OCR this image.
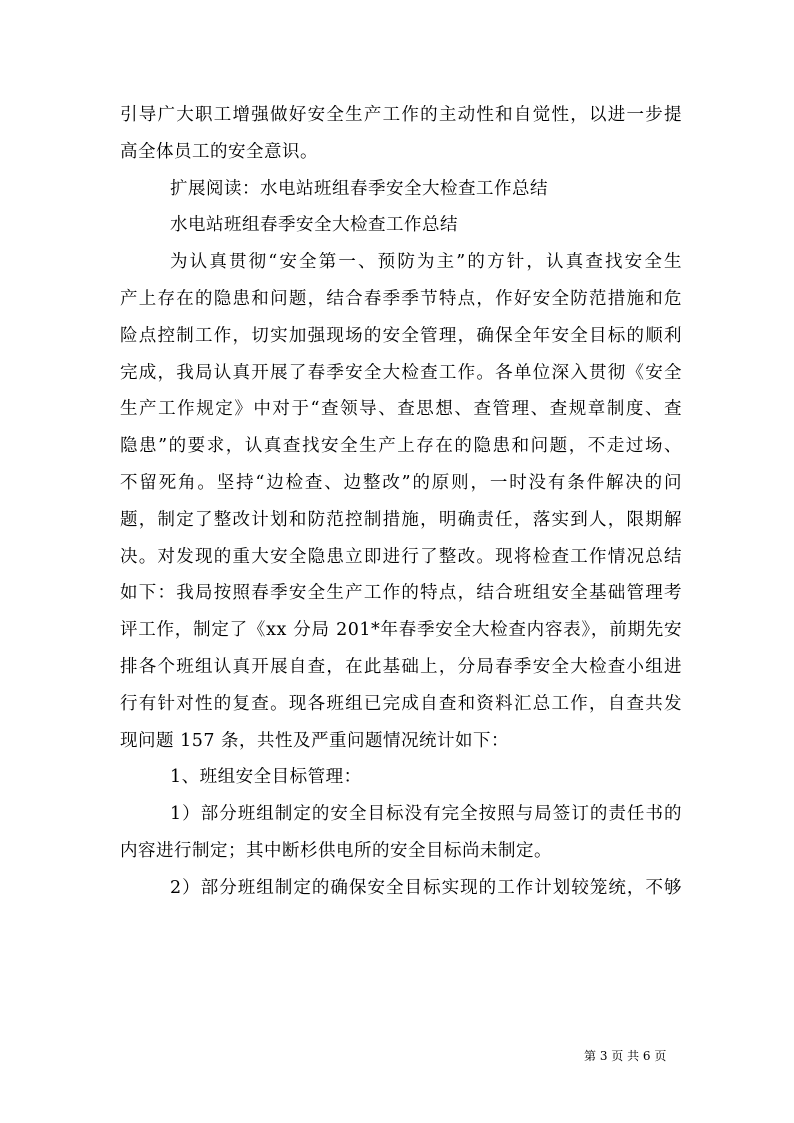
引导广大职工增强做好安全生产工作的主动性和自觉性，以进一步提
高全体员工的安全意识。
扩展阅读：水电站班组春季安全大检查工作总结
水电站班组春季安全大检查工作总结
为认真贯彻“安全第一、预防为主”的方针，认真查找安全生
产上存在的隐患和问题，结合春季季节特点，作好安全防范措施和危
险点控制工作，切实加强现场的安全管理，确保全年安全目标的顺利
完成，我局认真开展了春季安全大检查工作。各单位深入贯彻《安全
生产工作规定》中对于“查领导、查思想、查管理、查规章制度、查
隐患”的要求，认真查找安全生产上存在的隐患和问题，不走过场、
不留死角。坚持“边检查、边整改”的原则，一时没有条件解决的问
题，制定了整改计划和防范控制措施，明确责任，落实到人，限期解
决。对发现的重大安全隐患立即进行了整改。现将检查工作情况总结
如下：我局按照春季安全生产工作的特点，结合班组安全基础管理考
评工作，制定了《xx 分局 201*年春季安全大检查内容表》，前期先安
排各个班组认真开展自查，在此基础上，分局春季安全大检查小组进
行有针对性的复查。现各班组已完成自查和资料汇总工作，自查共发
现问题 157 条，共性及严重问题情况统计如下：
1、班组安全目标管理：
1）部分班组制定的安全目标没有完全按照与局签订的责任书的
内容进行制定；其中断杉供电所的安全目标尚未制定。
2）部分班组制定的确保安全目标实现的工作计划较笼统，不够
第 3 页 共 6 页
